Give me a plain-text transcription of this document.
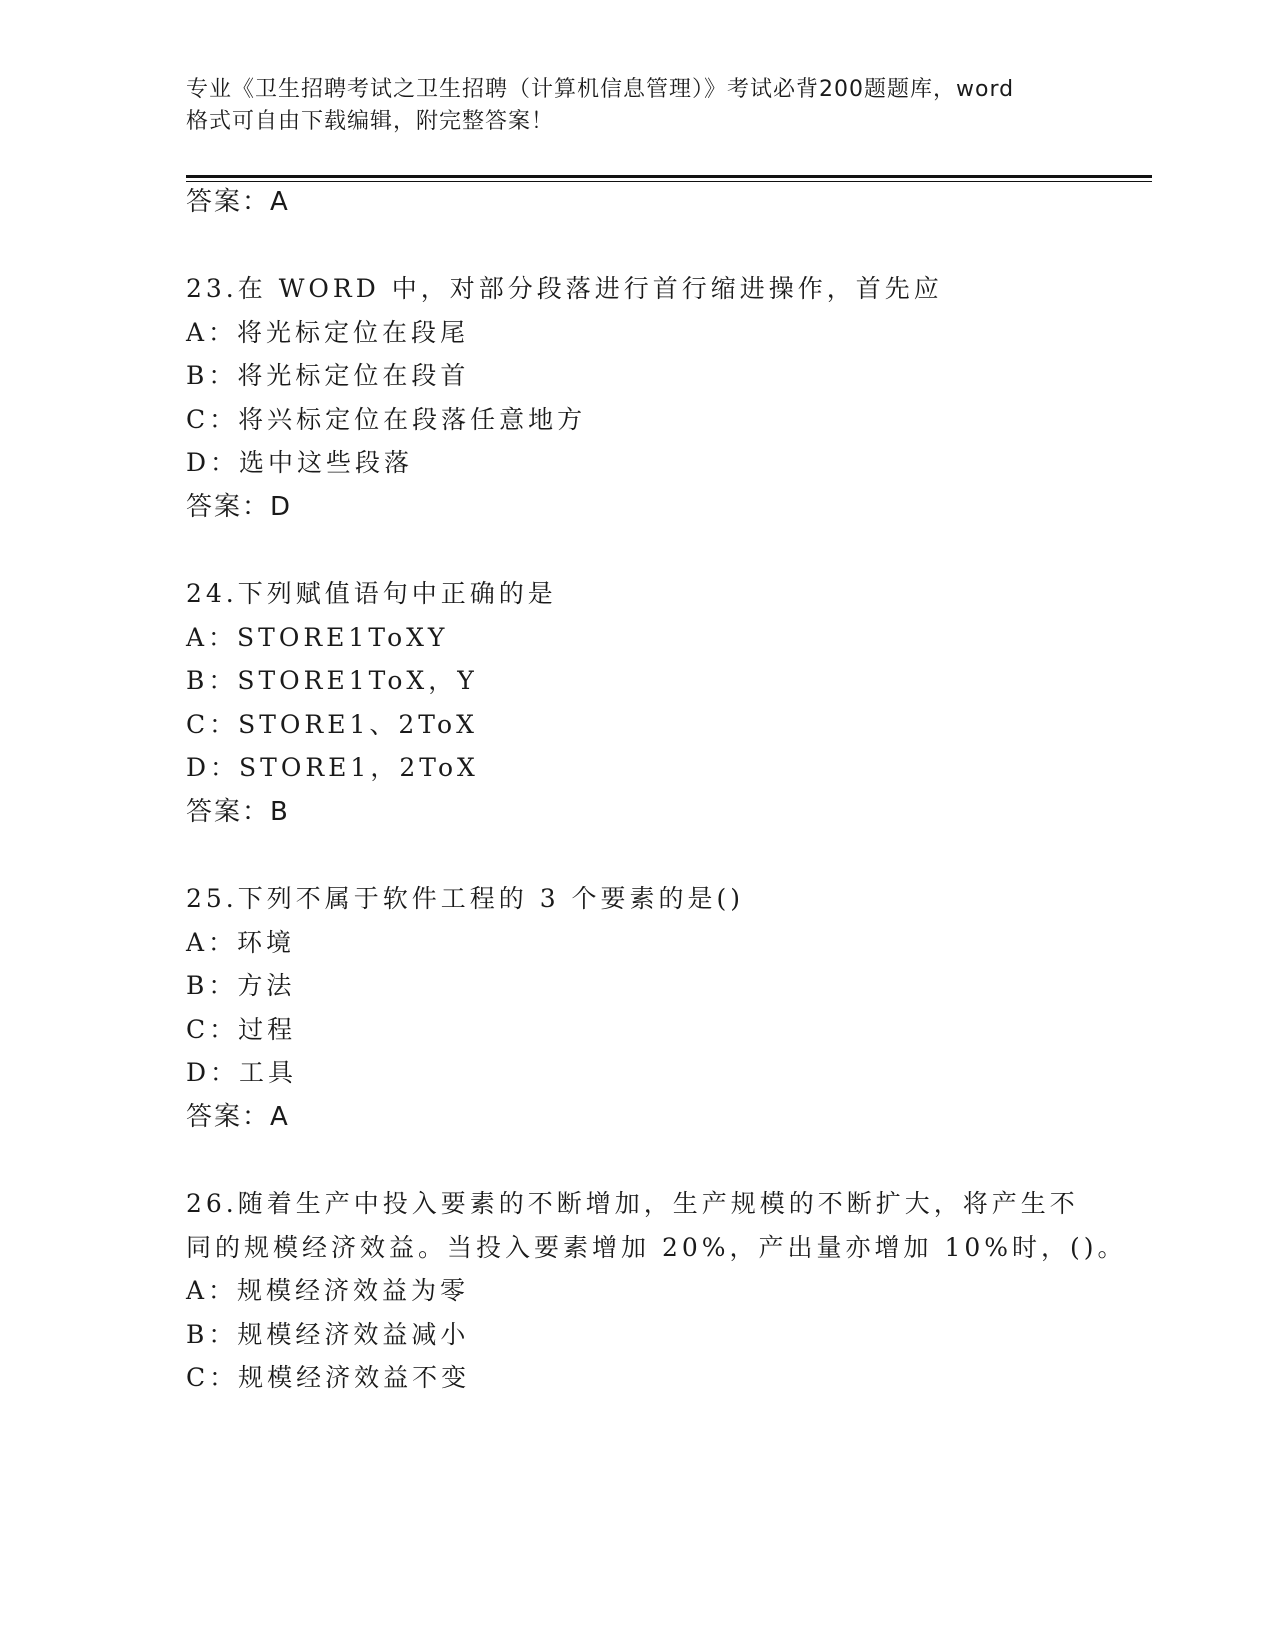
专业《卫生招聘考试之卫生招聘（计算机信息管理）》考试必背200题题库，word
格式可自由下载编辑，附完整答案！
答案：A
23.在 WORD 中，对部分段落进行首行缩进操作，首先应
A：将光标定位在段尾
B：将光标定位在段首
C：将兴标定位在段落任意地方
D：选中这些段落
答案：D
24.下列赋值语句中正确的是
A：STORE1ToXY
B：STORE1ToX，Y
C：STORE1、2ToX
D：STORE1，2ToX
答案：B
25.下列不属于软件工程的 3 个要素的是()
A：环境
B：方法
C：过程
D：工具
答案：A
26.随着生产中投入要素的不断增加，生产规模的不断扩大，将产生不
同的规模经济效益。当投入要素增加 20%，产出量亦增加 10%时，()。
A：规模经济效益为零
B：规模经济效益减小
C：规模经济效益不变
